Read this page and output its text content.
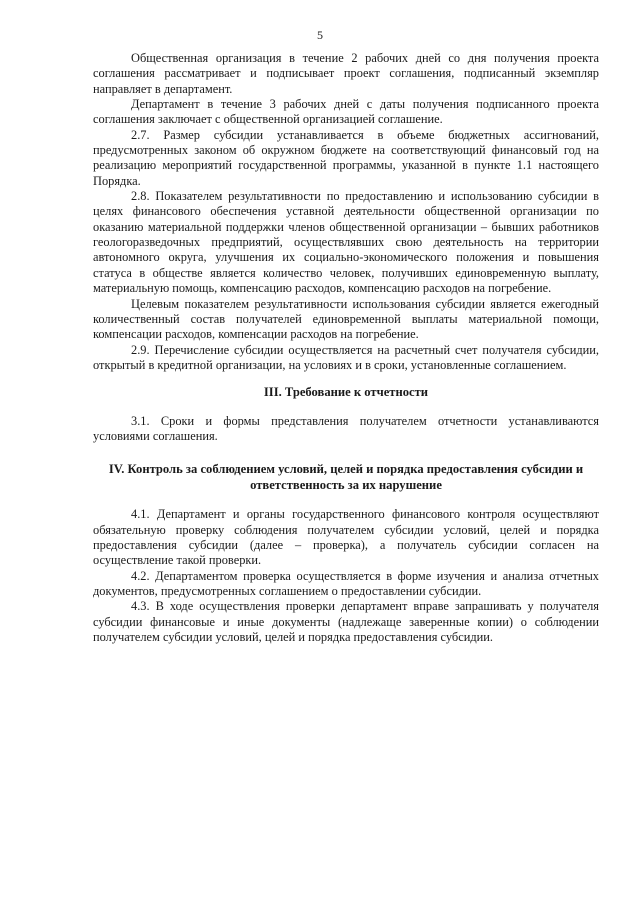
5

Общественная организация в течение 2 рабочих дней со дня получения проекта соглашения рассматривает и подписывает проект соглашения, подписанный экземпляр направляет в департамент.

Департамент в течение 3 рабочих дней с даты получения подписанного проекта соглашения заключает с общественной организацией соглашение.

2.7. Размер субсидии устанавливается в объеме бюджетных ассигнований, предусмотренных законом об окружном бюджете на соответствующий финансовый год на реализацию мероприятий государственной программы, указанной в пункте 1.1 настоящего Порядка.

2.8. Показателем результативности по предоставлению и использованию субсидии в целях финансового обеспечения уставной деятельности общественной организации по оказанию материальной поддержки членов общественной организации – бывших работников геологоразведочных предприятий, осуществлявших свою деятельность на территории автономного округа, улучшения их социально-экономического положения и повышения статуса в обществе является количество человек, получивших единовременную выплату, материальную помощь, компенсацию расходов, компенсацию расходов на погребение.

Целевым показателем результативности использования субсидии является ежегодный количественный состав получателей единовременной выплаты материальной помощи, компенсации расходов, компенсации расходов на погребение.

2.9. Перечисление субсидии осуществляется на расчетный счет получателя субсидии, открытый в кредитной организации, на условиях и в сроки, установленные соглашением.

III. Требование к отчетности

3.1. Сроки и формы представления получателем отчетности устанавливаются условиями соглашения.

IV. Контроль за соблюдением условий, целей и порядка предоставления субсидии и ответственность за их нарушение

4.1. Департамент и органы государственного финансового контроля осуществляют обязательную проверку соблюдения получателем субсидии условий, целей и порядка предоставления субсидии (далее – проверка), а получатель субсидии согласен на осуществление такой проверки.

4.2. Департаментом проверка осуществляется в форме изучения и анализа отчетных документов, предусмотренных соглашением о предоставлении субсидии.

4.3. В ходе осуществления проверки департамент вправе запрашивать у получателя субсидии финансовые и иные документы (надлежаще заверенные копии) о соблюдении получателем субсидии условий, целей и порядка предоставления субсидии.
